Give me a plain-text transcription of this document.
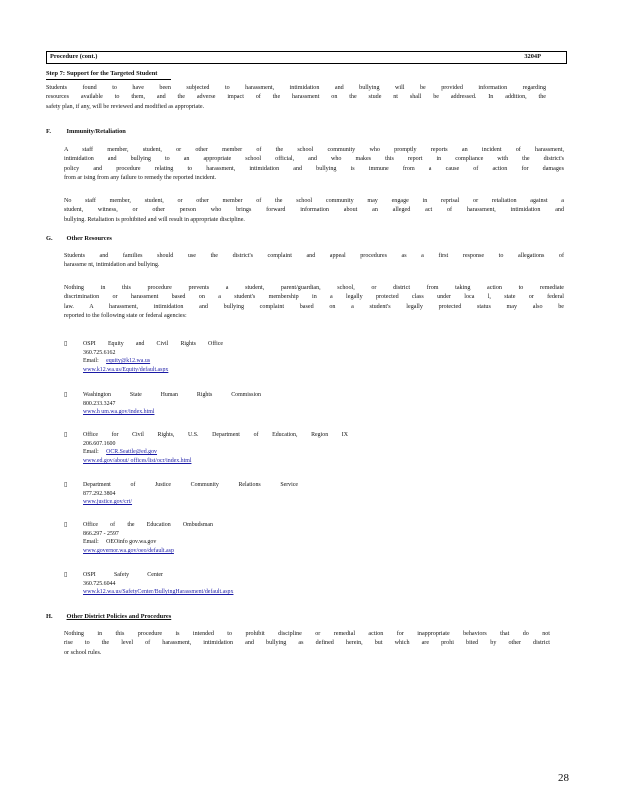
Procedure (cont.)	3204P
Step 7: Support for the Targeted Student
Students found to have been subjected to harassment, intimidation and bullying will be provided information regarding
resources available to them, and the adverse impact of the harassment on the stude nt shall be addressed. In addition, the
safety plan, if any, will be reviewed and modified as appropriate.
F. Immunity/Retaliation
A staff member, student, or other member of the school community who promptly reports an incident of harassment,
intimidation and bullying to an appropriate school official, and who makes this report in compliance with the district's
policy and procedure relating to harassment, intimidation and bullying is immune from a cause of action for damages
from ar ising from any failure to remedy the reported incident.
No staff member, student, or other member of the school community may engage in reprisal or retaliation against a
student, witness, or other person who brings forward information about an alleged act of harassment, intimidation and
bullying. Retaliation is prohibited and will result in appropriate discipline.
G. Other Resources
Students and families should use the district's complaint and appeal procedures as a first response to allegations of
harassme nt, intimidation and bullying.
Nothing in this procedure prevents a student, parent/guardian, school, or district from taking action to remediate
discrimination or harassment based on a student's membership in a legally protected class under loca l, state or federal
law. A harassment, intimidation and bullying complaint based on a student's legally protected status may also be
reported to the following state or federal agencies:
▯	OSPI Equity and Civil Rights Office
360.725.6162
Email: equity@k12.wa.us
www.k12.wa.us/Equity/default.aspx
▯	Washington State Human Rights Commission
800.233.3247
www.h um.wa.gov/index.html
▯	Office for Civil Rights, U.S. Department of Education, Region IX
206.607.1600
Email: OCR.Seattle@ed.gov
www.ed.gov/about/ offices/list/ocr/index.html
▯	Department of Justice Community Relations Service
877.292.3804
www.justice.gov/crt/
▯	Office of the Education Ombudsman
866.297 - 2597
Email: OEOinfo gov.wa.gov
www.governor.wa.gov/oeo/default.asp
▯	OSPI Safety Center
360.725.6044
www.k12.wa.us/SafetyCenter/BullyingHarassment/default.aspx
H. Other District Policies and Procedures
Nothing in this procedure is intended to prohibit discipline or remedial action for inappropriate behaviors that do not
rise to the level of harassment, intimidation and bullying as defined herein, but which are prohi bited by other district
or school rules.
28
